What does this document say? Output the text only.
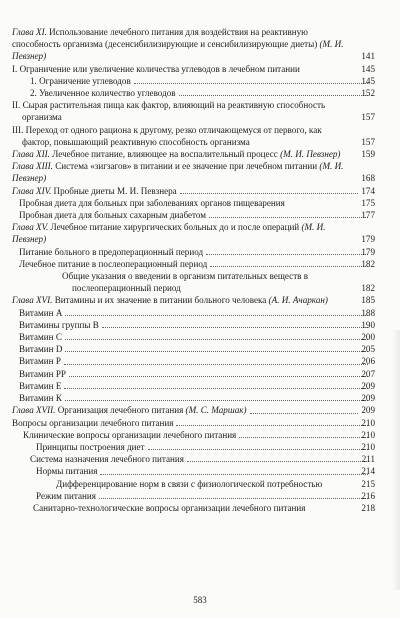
Глава XI. Использование лечебного питания для воздействия на реактивную способность организма (десенсибилизирующие и сенсибилизирующие диеты) (М. И. Певзнер)	141
I. Ограничение или увеличение количества углеводов в лечебном питании	145
1. Ограничение углеводов	145
2. Увеличенное количество углеводов	152
II. Сырая растительная пища как фактор, влияющий на реактивную способность организма	157
III. Переход от одного рациона к другому, резко отличающемуся от первого, как фактор, повышающий реактивную способность организма	157
Глава XII. Лечебное питание, влияющее на воспалительный процесс (М. И. Певзнер)	159
Глава XIII. Система «зигзагов» в питании и ее значение при лечебном питании (М. И. Певзнер)	168
Глава XIV. Пробные диеты М. И. Певзнера	174
Пробная диета для больных при заболеваниях органов пищеварения	175
Пробная диета для больных сахарным диабетом	177
Глава XV. Лечебное питание хирургических больных до и после операций (М. И. Певзнер)	179
Питание больного в предоперационный период	179
Лечебное питание в послеоперационный период	182
Общие указания о введении в организм питательных веществ в послеоперационный период	182
Глава XVI. Витамины и их значение в питании больного человека (А. И. Ачаркан)	185
Витамин А	188
Витамины группы В	190
Витамин С	200
Витамин D	205
Витамин Р	206
Витамин РР	207
Витамин Е	209
Витамин К	209
Глава XVII. Организация лечебного питания (М. С. Маршак)	209
Вопросы организации лечебного питания	210
Клинические вопросы организации лечебного питания	210
Принципы построения диет	210
Система назначения лечебного питания	211
Нормы питания	214
Дифференцирование норм в связи с физиологической потребностью	215
Режим питания	216
Санитарно-технологические вопросы организации лечебного питания	218
583
